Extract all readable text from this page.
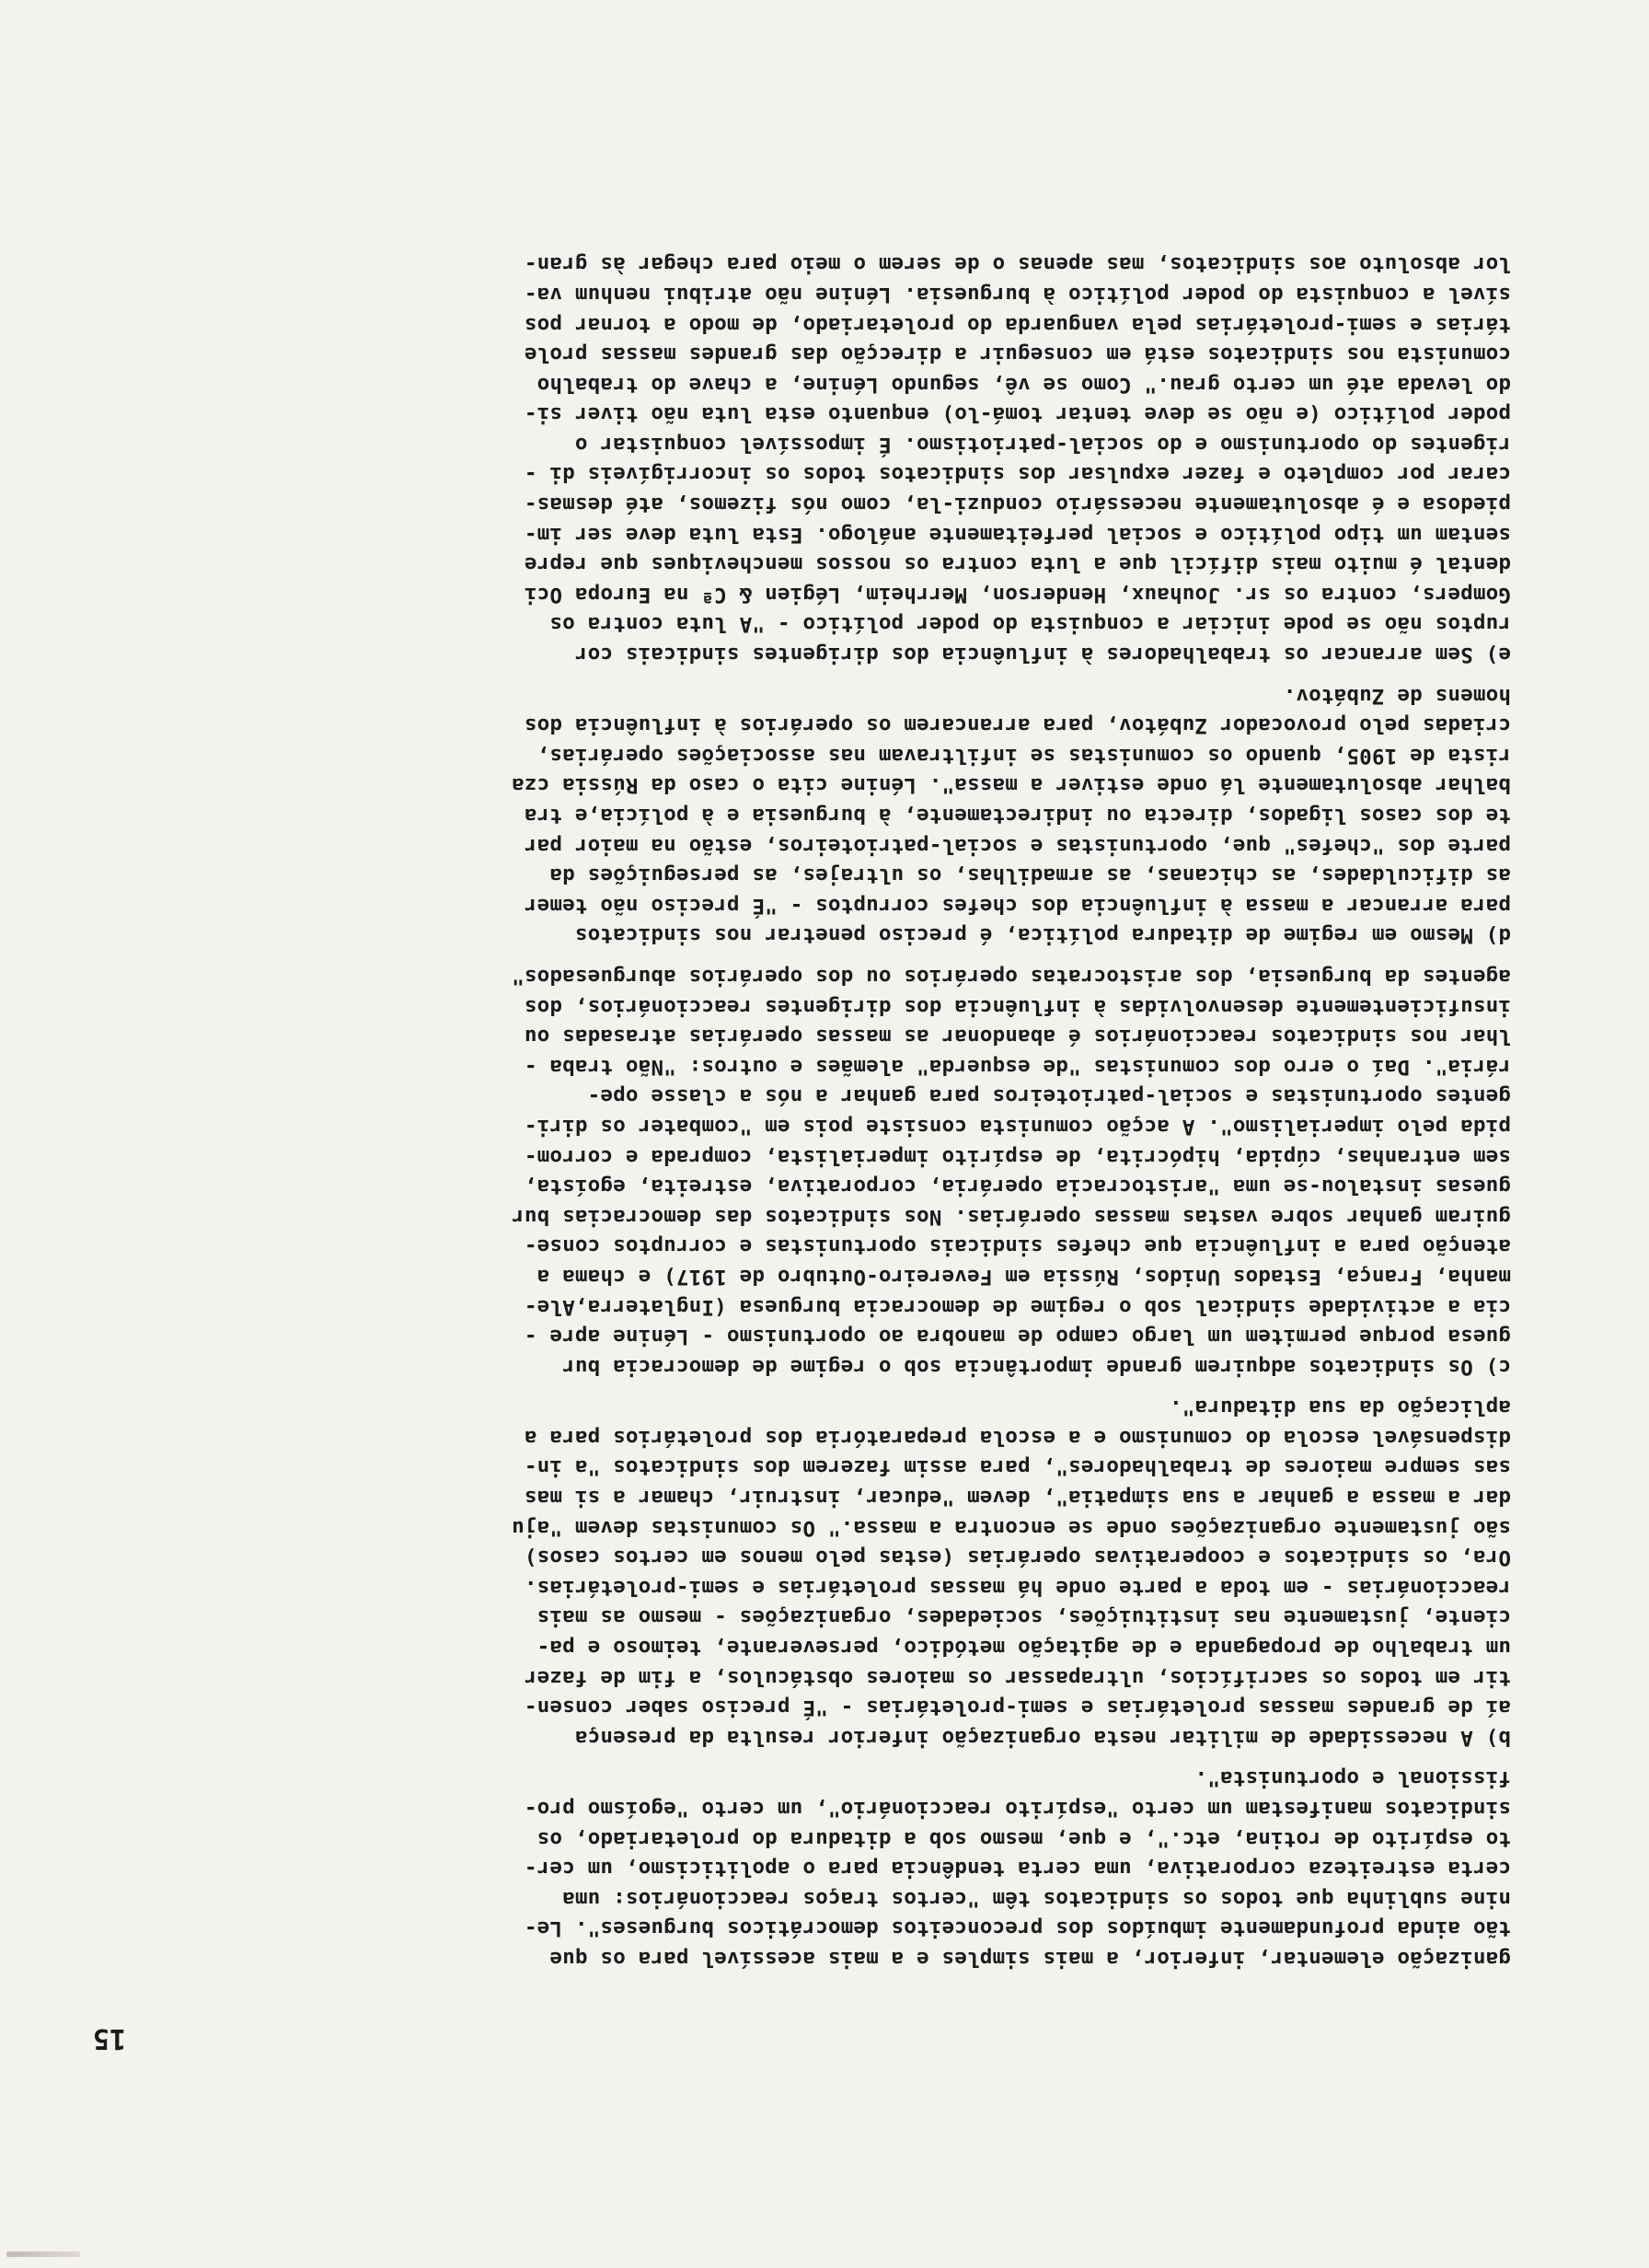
15
ganização elementar, inferior, a mais simples e a mais acessível para os que
tão ainda profundamente imbuídos dos preconceitos democráticos burgueses". Le-
nine sublinha que todos os sindicatos têm "certos traços reaccionários: uma
certa estreiteza corporativa, uma certa tendência para o apoliticismo, um cer-
to espírito de rotina, etc.", e que, mesmo sob a ditadura do proletariado, os
sindicatos manifestam um certo "espírito reaccionário", um certo "egoísmo pro-
fissional e oportunista".
b) A necessidade de militar nesta organização inferior resulta da presença
aí de grandes massas proletárias e semi-proletárias - "É preciso saber consen-
tir em todos os sacrifícios, ultrapassar os maiores obstáculos, a fim de fazer
um trabalho de propaganda e de agitação metódico, perseverante, teimoso e pa-
ciente, justamente nas instituições, sociedades, organizações - mesmo as mais
reaccionárias - em toda a parte onde há massas proletárias e semi-proletárias.
Ora, os sindicatos e cooperativas operárias (estas pelo menos em certos casos)
são justamente organizações onde se encontra a massa." Os comunistas devem "aju
dar a massa a ganhar a sua simpatia", devem "educar, instruir, chamar a si mas
sas sempre maiores de trabalhadores", para assim fazerem dos sindicatos "a in-
dispensável escola do comunismo e a escola preparatória dos proletários para a
aplicação da sua ditadura".
c) Os sindicatos adquirem grande importância sob o regime de democracia bur
guesa porque permitem um largo campo de manobra ao oportunismo - Lénine apre -
cia a actividade sindical sob o regime de democracia burguesa (Inglaterra,Ale-
manha, França, Estados Unidos, Rússia em Fevereiro-Outubro de 1917) e chama a
atenção para a influência que chefes sindicais oportunistas e corruptos conse-
guiram ganhar sobre vastas massas operárias. Nos sindicatos das democracias bur
guesas instalou-se uma "aristocracia operária, corporativa, estreita, egoísta,
sem entranhas, cúpida, hipócrita, de espírito imperialista, comprada e corrom-
pida pelo imperialismo". A acção comunista consiste pois em "combater os diri-
gentes oportunistas e social-patrioteiros para ganhar a nós a classe ope-
rária". Daí o erro dos comunistas "de esquerda" alemães e outros: "Não traba -
lhar nos sindicatos reaccionários é abandonar as massas operárias atrasadas ou
insuficientemente desenvolvidas à influência dos dirigentes reaccionários, dos
agentes da burguesia, dos aristocratas operários ou dos operários aburguesados"
d) Mesmo em regime de ditadura política, é preciso penetrar nos sindicatos
para arrancar a massa à influência dos chefes corruptos - "É preciso não temer
as dificuldades, as chicanas, as armadilhas, os ultrajes, as perseguições da
parte dos "chefes" que, oportunistas e social-patrioteiros, estão na maior par
te dos casos ligados, directa ou indirectamente, à burguesia e à polícia,e tra
balhar absolutamente lá onde estiver a massa". Lénine cita o caso da Rússia cza
rista de 1905, quando os comunistas se infiltravam nas associações operárias,
criadas pelo provocador Zubátov, para arrancarem os operários à influência dos
homens de Zubátov.
e) Sem arrancar os trabalhadores à influência dos dirigentes sindicais cor
ruptos não se pode iniciar a conquista do poder político - "A luta contra os
Gompers, contra os sr. Jouhaux, Henderson, Merrheim, Légien & Cª na Europa Oci
dental é muito mais difícil que a luta contra os nossos mencheviques que repre
sentam um tipo político e social perfeitamente análogo. Esta luta deve ser im-
piedosa e é absolutamente necessário conduzi-la, como nós fizemos, até desmas-
carar por completo e fazer expulsar dos sindicatos todos os incorrigíveis di -
rigentes do oportunismo e do social-patriotismo. É impossível conquistar o
poder político (e não se deve tentar tomá-lo) enquanto esta luta não tiver si-
do levada até um certo grau." Como se vê, segundo Lénine, a chave do trabalho
comunista nos sindicatos está em conseguir a direcção das grandes massas prole
tárias e semi-proletárias pela vanguarda do proletariado, de modo a tornar pos
sível a conquista do poder político à burguesia. Lénine não atribui nenhum va-
lor absoluto aos sindicatos, mas apenas o de serem o meio para chegar às gran-
